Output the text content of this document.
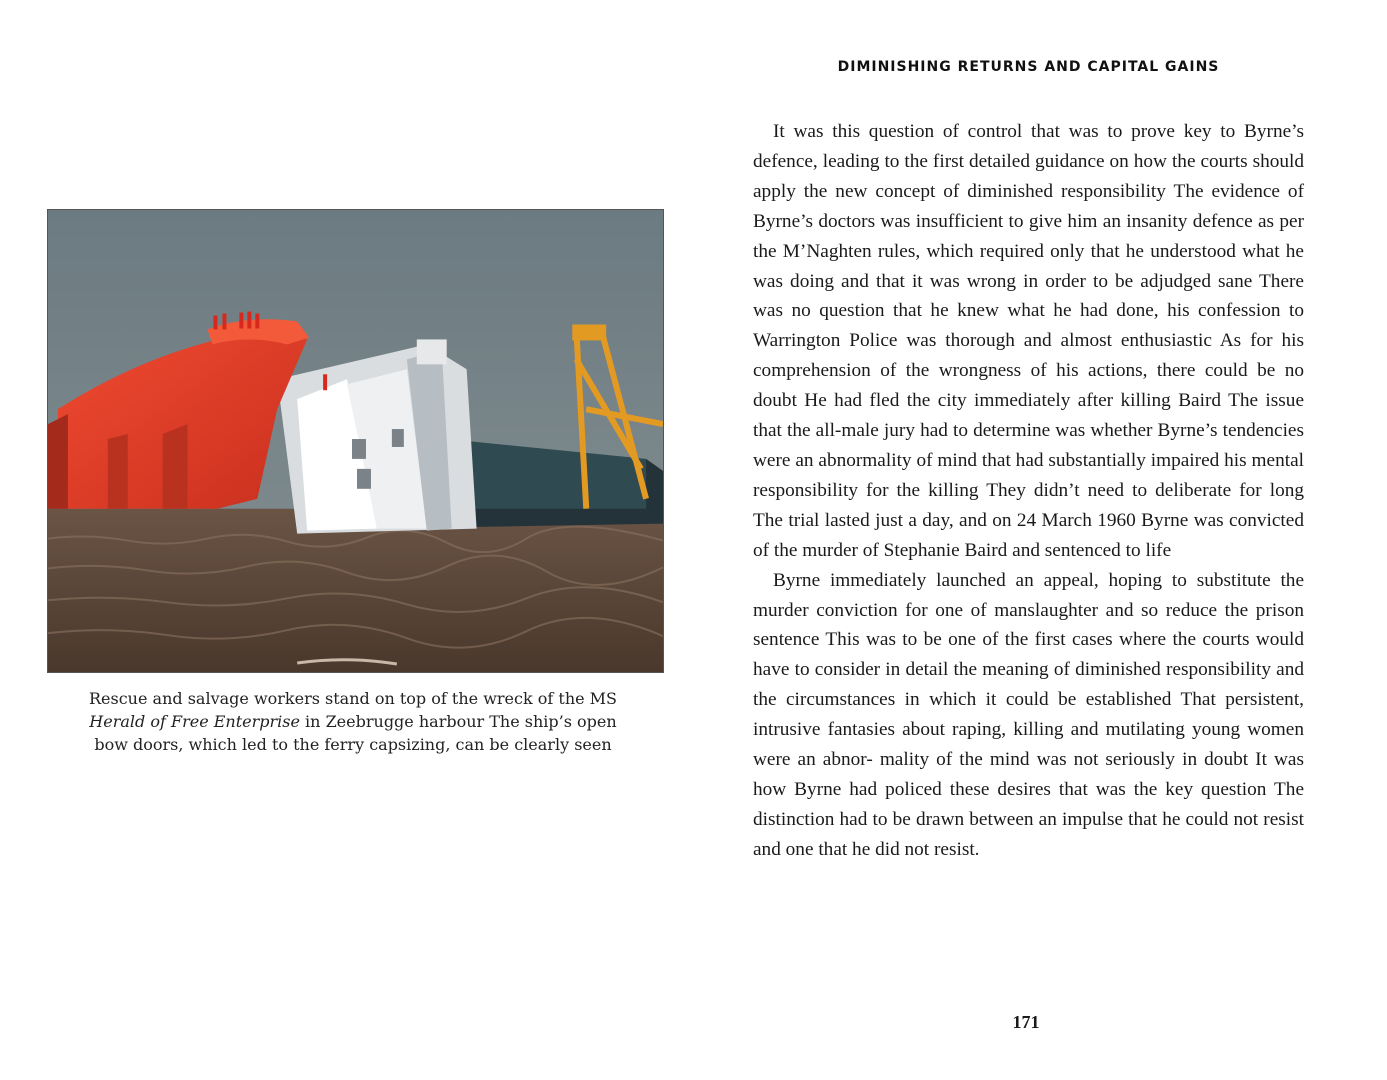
Rescue and salvage workers stand on top of the wreck of the MS Herald of Free Enterprise in Zeebrugge harbour The ship’s open bow doors, which led to the ferry capsizing, can be clearly seen
DIMINISHING RETURNS AND CAPITAL GAINS

It was this question of control that was to prove key to Byrne’s defence, leading to the first detailed guidance on how the courts should apply the new concept of diminished responsibility The evidence of Byrne’s doctors was insufficient to give him an insanity defence as per the M’Naghten rules, which required only that he understood what he was doing and that it was wrong in order to be adjudged sane There was no question that he knew what he had done, his confession to Warrington Police was thorough and almost enthusiastic As for his comprehension of the wrongness of his actions, there could be no doubt He had fled the city immediately after killing Baird The issue that the all-male jury had to determine was whether Byrne’s tendencies were an abnormality of mind that had substantially impaired his mental responsibility for the killing They didn’t need to deliberate for long The trial lasted just a day, and on 24 March 1960 Byrne was convicted of the murder of Stephanie Baird and sentenced to life

Byrne immediately launched an appeal, hoping to substitute the murder conviction for one of manslaughter and so reduce the prison sentence This was to be one of the first cases where the courts would have to consider in detail the meaning of diminished responsibility and the circumstances in which it could be established That persistent, intrusive fantasies about raping, killing and mutilating young women were an abnor- mality of the mind was not seriously in doubt It was how Byrne had policed these desires that was the key question The distinction had to be drawn between an impulse that he could not resist and one that he did not resist.

171
